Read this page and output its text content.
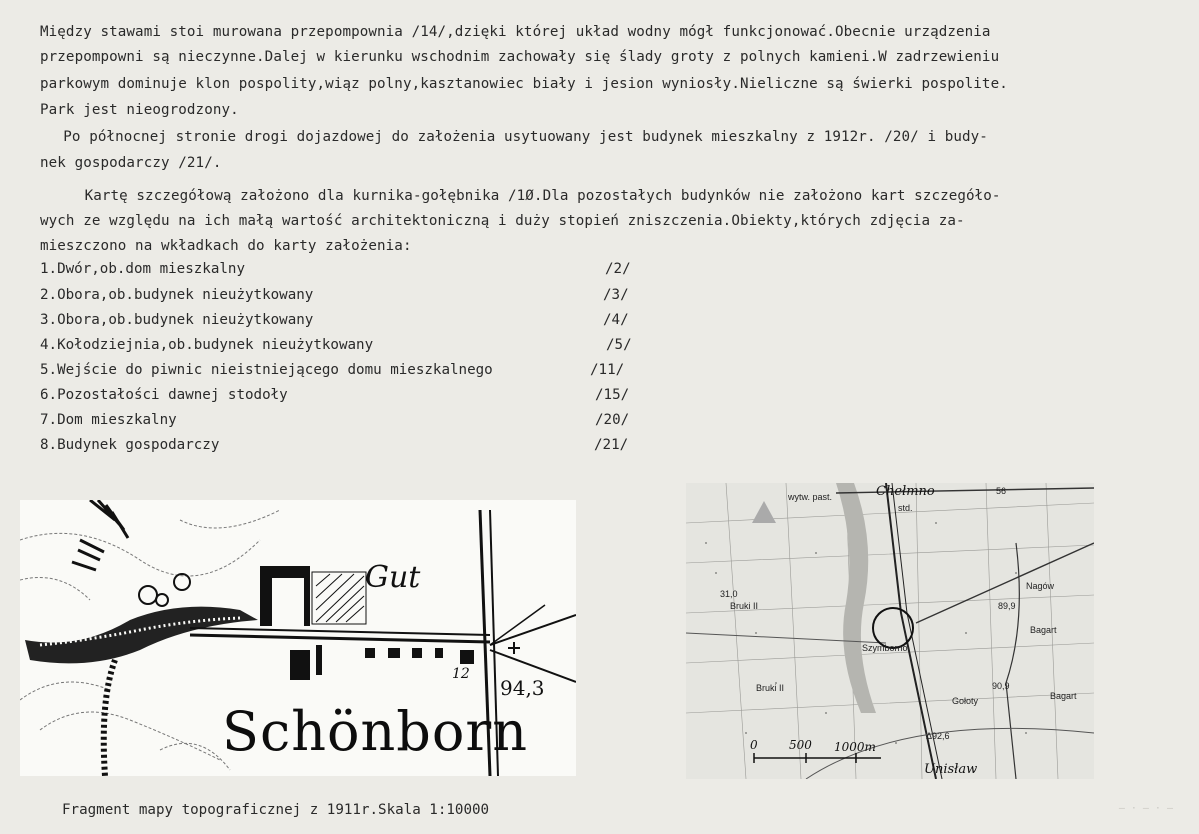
Między stawami stoi murowana przepompownia /14/,dzięki której układ wodny mógł funkcjonować.Obecnie urządzenia
przepompowni są nieczynne.Dalej w kierunku wschodnim zachowały się ślady groty z polnych kamieni.W zadrzewieniu
parkowym dominuje klon pospolity,wiąz polny,kasztanowiec biały i jesion wyniosły.Nieliczne są świerki pospolite.
Park jest nieogrodzony.
Po północnej stronie drogi dojazdowej do założenia usytuowany jest budynek mieszkalny z 1912r. /20/ i budy-
nek gospodarczy /21/.
Kartę szczegółową założono dla kurnika-gołębnika /1Ø.Dla pozostałych budynków nie założono kart szczegóło-
wych ze względu na ich małą wartość architektoniczną i duży stopień zniszczenia.Obiekty,których zdjęcia za-
mieszczono na wkładkach do karty założenia:
1.Dwór,ob.dom mieszkalny	/2/
2.Obora,ob.budynek nieużytkowany	/3/
3.Obora,ob.budynek nieużytkowany	/4/
4.Kołodziejnia,ob.budynek nieużytkowany	/5/
5.Wejście do piwnic nieistniejącego domu mieszkalnego	/11/
6.Pozostałości dawnej stodoły	/15/
7.Dom mieszkalny	/20/
8.Budynek gospodarczy	/21/
Gut
12
94,3
Schönborn
Chełmno
Unisław
wytw. past.
std.
Bruki II
Bruki II
Szymborno
Nagów
Bagart
Bagart
Gołoty
56
31,0
90,9
89,9
Δ92,6
0	500 1000m
Fragment mapy topograficznej z 1911r.Skala 1:10000	— · — · —
